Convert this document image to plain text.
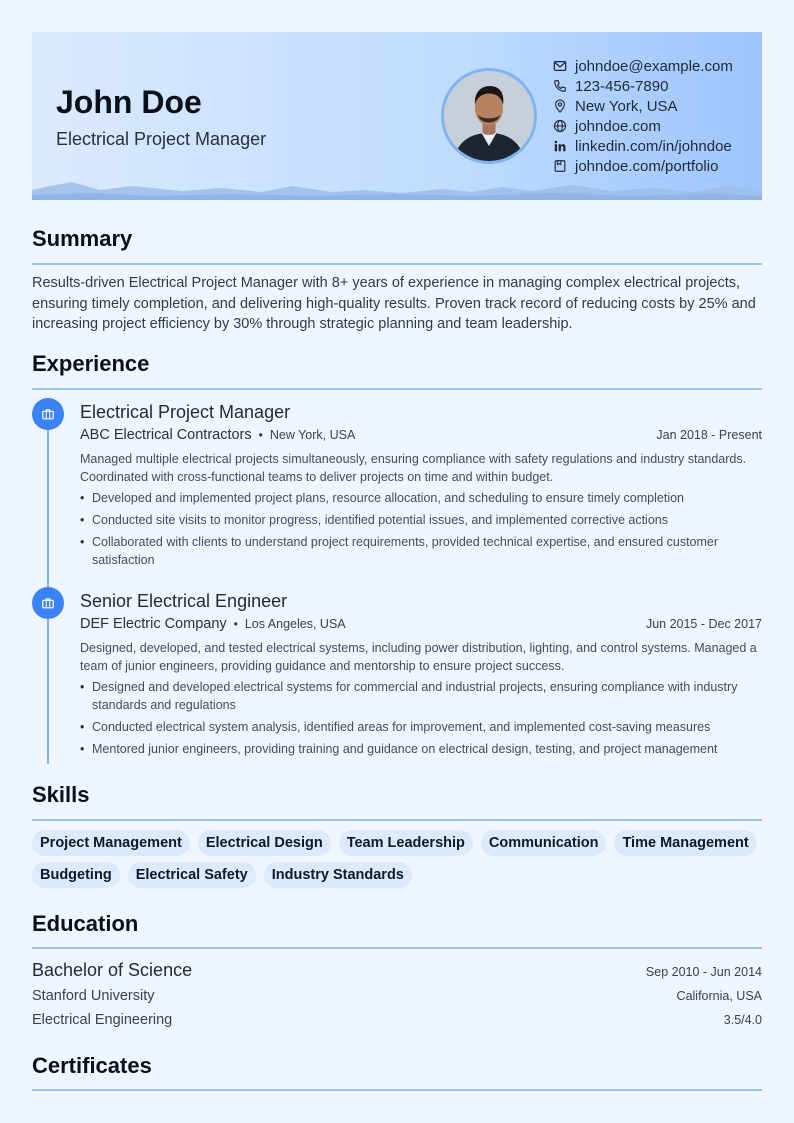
John Doe
Electrical Project Manager
johndoe@example.com
123-456-7890
New York, USA
johndoe.com
linkedin.com/in/johndoe
johndoe.com/portfolio
Summary
Results-driven Electrical Project Manager with 8+ years of experience in managing complex electrical projects, ensuring timely completion, and delivering high-quality results. Proven track record of reducing costs by 25% and increasing project efficiency by 30% through strategic planning and team leadership.
Experience
Electrical Project Manager
ABC Electrical Contractors • New York, USA	Jan 2018 - Present
Managed multiple electrical projects simultaneously, ensuring compliance with safety regulations and industry standards. Coordinated with cross-functional teams to deliver projects on time and within budget.
• Developed and implemented project plans, resource allocation, and scheduling to ensure timely completion
• Conducted site visits to monitor progress, identified potential issues, and implemented corrective actions
• Collaborated with clients to understand project requirements, provided technical expertise, and ensured customer satisfaction
Senior Electrical Engineer
DEF Electric Company • Los Angeles, USA	Jun 2015 - Dec 2017
Designed, developed, and tested electrical systems, including power distribution, lighting, and control systems. Managed a team of junior engineers, providing guidance and mentorship to ensure project success.
• Designed and developed electrical systems for commercial and industrial projects, ensuring compliance with industry standards and regulations
• Conducted electrical system analysis, identified areas for improvement, and implemented cost-saving measures
• Mentored junior engineers, providing training and guidance on electrical design, testing, and project management
Skills
Project Management	Electrical Design	Team Leadership	Communication	Time Management
Budgeting	Electrical Safety	Industry Standards
Education
Bachelor of Science	Sep 2010 - Jun 2014
Stanford University	California, USA
Electrical Engineering	3.5/4.0
Certificates
